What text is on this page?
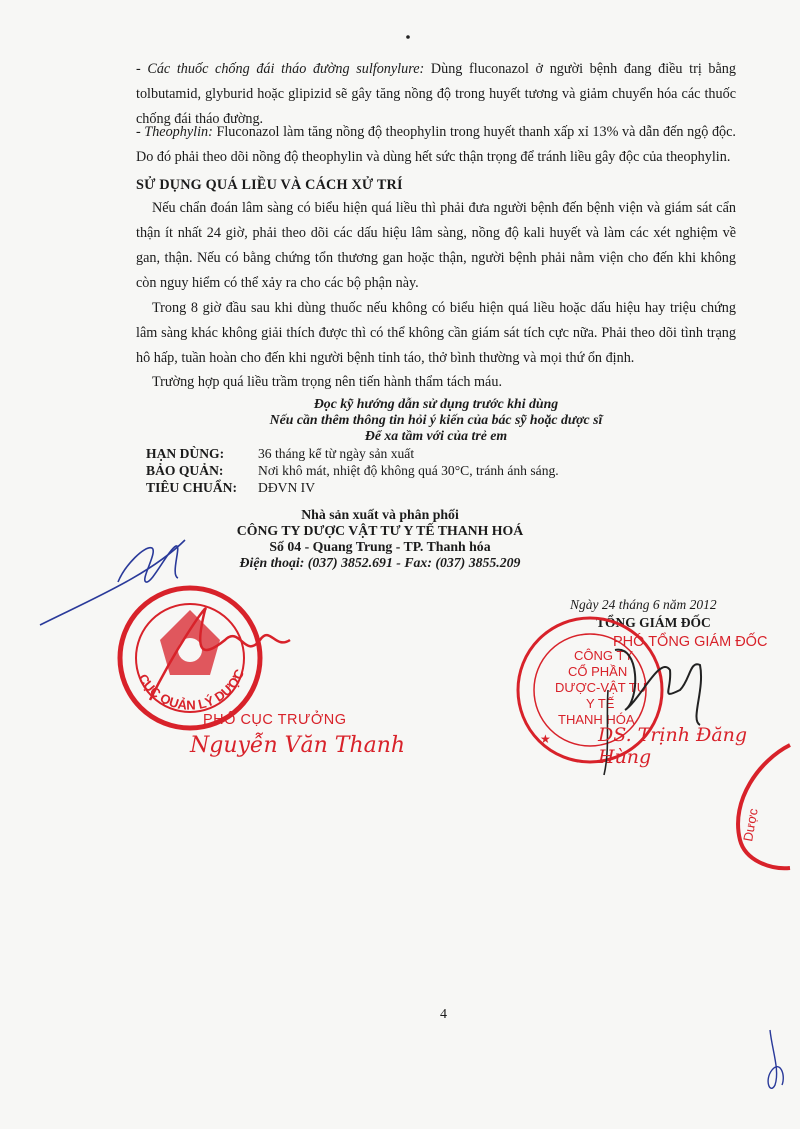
- Các thuốc chống đái tháo đường sulfonylure: Dùng fluconazol ở người bệnh đang điều trị bằng tolbutamid, glyburid hoặc glipizid sẽ gây tăng nồng độ trong huyết tương và giảm chuyển hóa các thuốc chống đái tháo đường.

- Theophylin: Fluconazol làm tăng nồng độ theophylin trong huyết thanh xấp xỉ 13% và dẫn đến ngộ độc. Do đó phải theo dõi nồng độ theophylin và dùng hết sức thận trọng để tránh liều gây độc của theophylin.

SỬ DỤNG QUÁ LIỀU VÀ CÁCH XỬ TRÍ

Nếu chẩn đoán lâm sàng có biểu hiện quá liều thì phải đưa người bệnh đến bệnh viện và giám sát cẩn thận ít nhất 24 giờ, phải theo dõi các dấu hiệu lâm sàng, nồng độ kali huyết và làm các xét nghiệm về gan, thận. Nếu có bằng chứng tổn thương gan hoặc thận, người bệnh phải nằm viện cho đến khi không còn nguy hiểm có thể xảy ra cho các bộ phận này.

Trong 8 giờ đầu sau khi dùng thuốc nếu không có biểu hiện quá liều hoặc dấu hiệu hay triệu chứng lâm sàng khác không giải thích được thì có thể không cần giám sát tích cực nữa. Phải theo dõi tình trạng hô hấp, tuần hoàn cho đến khi người bệnh tỉnh táo, thở bình thường và mọi thứ ổn định.

Trường hợp quá liều trầm trọng nên tiến hành thẩm tách máu.

Đọc kỹ hướng dẫn sử dụng trước khi dùng
Nếu cần thêm thông tin hỏi ý kiến của bác sỹ hoặc dược sĩ
Để xa tầm với của trẻ em
HẠN DÙNG:	36 tháng kể từ ngày sản xuất
BẢO QUẢN:	Nơi khô mát, nhiệt độ không quá 30°C, tránh ánh sáng.
TIÊU CHUẨN:	DĐVN IV
Nhà sản xuất và phân phối
CÔNG TY DƯỢC VẬT TƯ Y TẾ THANH HOÁ
Số 04 - Quang Trung - TP. Thanh hóa
Điện thoại: (037) 3852.691 - Fax: (037) 3855.209
Ngày 24 tháng 6 năm 2012
TỔNG GIÁM ĐỐC
PHÓ TỔNG GIÁM ĐỐC
CỤC QUẢN LÝ DƯỢC
★
CÔNG TY
CỔ PHẦN
DƯỢC-VẬT TƯ
Y TẾ
THANH HÓA
Dược
PHÓ CỤC TRƯỞNG
Nguyễn Văn Thanh	DS. Trịnh Đăng Hùng
4
